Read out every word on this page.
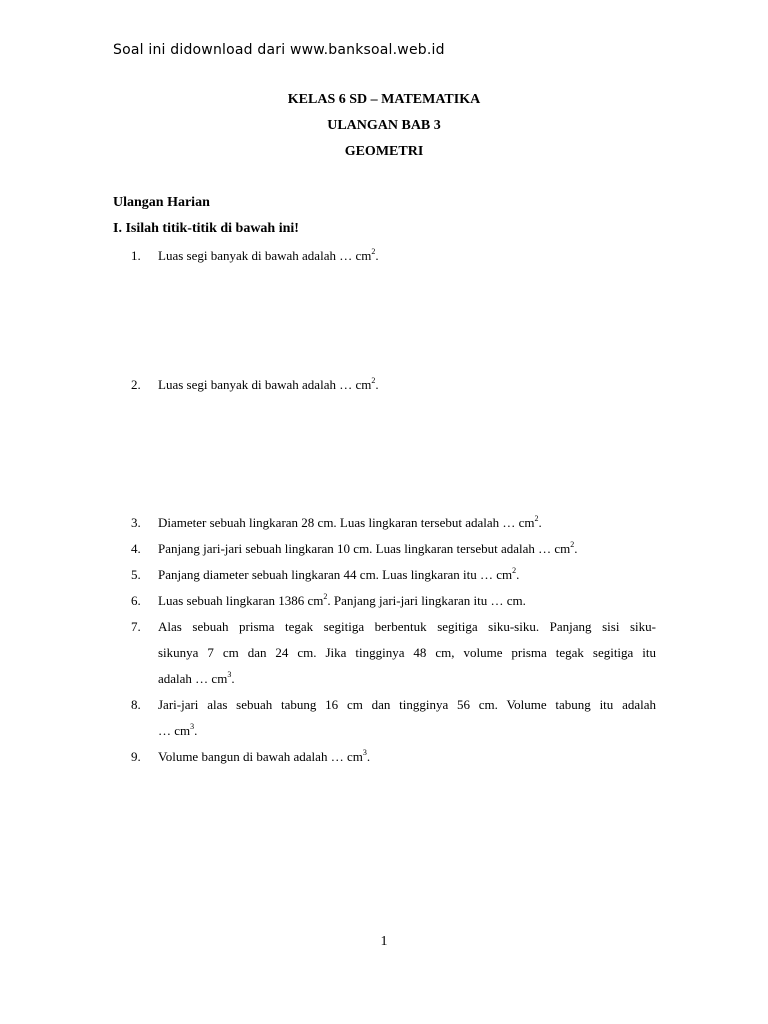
Soal ini didownload dari www.banksoal.web.id
KELAS 6 SD – MATEMATIKA
ULANGAN BAB 3
GEOMETRI
Ulangan Harian
I. Isilah titik-titik di bawah ini!
1. Luas segi banyak di bawah adalah … $cm^2$.
2. Luas segi banyak di bawah adalah … $cm^2$.
3. Diameter sebuah lingkaran 28 cm. Luas lingkaran tersebut adalah … $cm^2$.
4. Panjang jari-jari sebuah lingkaran 10 cm. Luas lingkaran tersebut adalah … $cm^2$.
5. Panjang diameter sebuah lingkaran 44 cm. Luas lingkaran itu … $cm^2$.
6. Luas sebuah lingkaran 1386 $cm^2$. Panjang jari-jari lingkaran itu … cm.
7. Alas sebuah prisma tegak segitiga berbentuk segitiga siku-siku. Panjang sisi siku-
sikunya 7 cm dan 24 cm. Jika tingginya 48 cm, volume prisma tegak segitiga itu
adalah … $cm^3$.
8. Jari-jari alas sebuah tabung 16 cm dan tingginya 56 cm. Volume tabung itu adalah
… $cm^3$.
9. Volume bangun di bawah adalah … $cm^3$.
1
